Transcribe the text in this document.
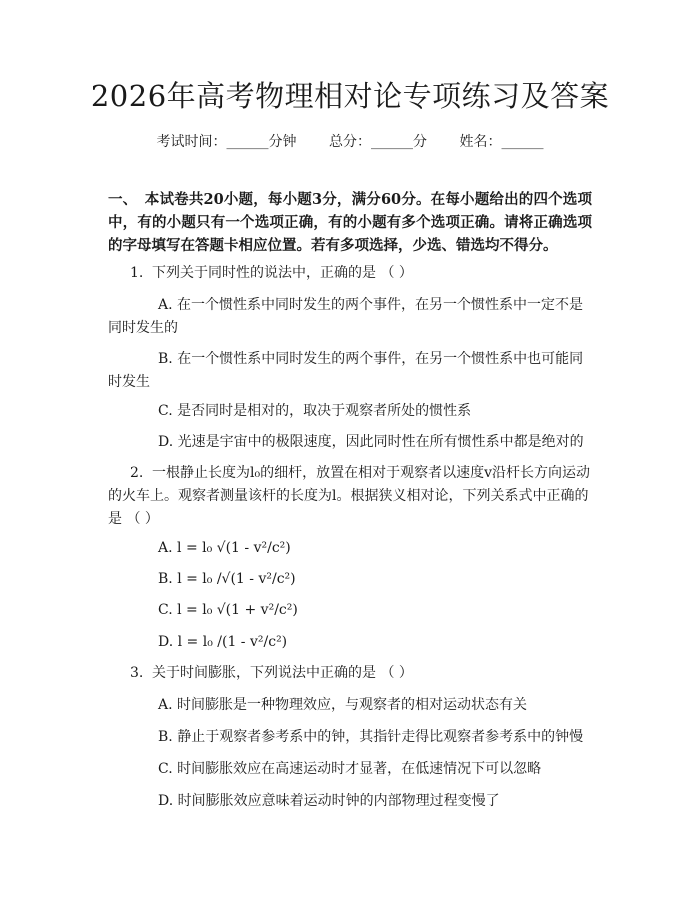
2026年高考物理相对论专项练习及答案
考试时间：______分钟 总分：______分 姓名：______
一、　本试卷共20小题，每小题3分，满分60分。在每小题给出的四个选项中，有的小题只有一个选项正确，有的小题有多个选项正确。请将正确选项的字母填写在答题卡相应位置。若有多项选择，少选、错选均不得分。
1. 下列关于同时性的说法中，正确的是 （ ）
A. 在一个惯性系中同时发生的两个事件，在另一个惯性系中一定不是同时发生的
B. 在一个惯性系中同时发生的两个事件，在另一个惯性系中也可能同时发生
C. 是否同时是相对的，取决于观察者所处的惯性系
D. 光速是宇宙中的极限速度，因此同时性在所有惯性系中都是绝对的
2. 一根静止长度为l₀的细杆，放置在相对于观察者以速度v沿杆长方向运动的火车上。观察者测量该杆的长度为l。根据狭义相对论，下列关系式中正确的是 （ ）
A. l = l₀ √(1 - v²/c²)
B. l = l₀ /√(1 - v²/c²)
C. l = l₀ √(1 + v²/c²)
D. l = l₀ /(1 - v²/c²)
3. 关于时间膨胀，下列说法中正确的是 （ ）
A. 时间膨胀是一种物理效应，与观察者的相对运动状态有关
B. 静止于观察者参考系中的钟，其指针走得比观察者参考系中的钟慢
C. 时间膨胀效应在高速运动时才显著，在低速情况下可以忽略
D. 时间膨胀效应意味着运动时钟的内部物理过程变慢了
